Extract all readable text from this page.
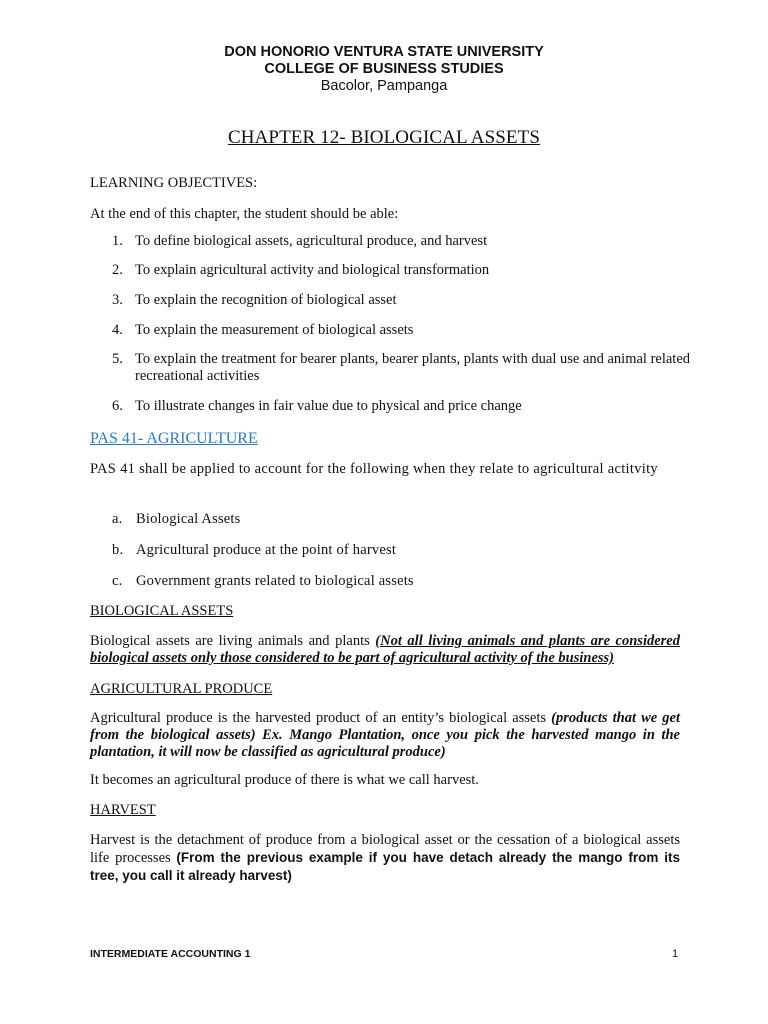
DON HONORIO VENTURA STATE UNIVERSITY
COLLEGE OF BUSINESS STUDIES
Bacolor, Pampanga
CHAPTER 12- BIOLOGICAL ASSETS
LEARNING OBJECTIVES:
At the end of this chapter, the student should be able:
1. To define biological assets, agricultural produce, and harvest
2. To explain agricultural activity and biological transformation
3. To explain the recognition of biological asset
4. To explain the measurement of biological assets
5. To explain the treatment for bearer plants, bearer plants, plants with dual use and animal related recreational activities
6. To illustrate changes in fair value due to physical and price change
PAS 41- AGRICULTURE
PAS 41 shall be applied to account for the following when they relate to agricultural actitvity
a. Biological Assets
b. Agricultural produce at the point of harvest
c. Government grants related to biological assets
BIOLOGICAL ASSETS
Biological assets are living animals and plants (Not all living animals and plants are considered biological assets only those considered to be part of agricultural activity of the business)
AGRICULTURAL PRODUCE
Agricultural produce is the harvested product of an entity’s biological assets (products that we get from the biological assets) Ex. Mango Plantation, once you pick the harvested mango in the plantation, it will now be classified as agricultural produce)
It becomes an agricultural produce of there is what we call harvest.
HARVEST
Harvest is the detachment of produce from a biological asset or the cessation of a biological assets life processes (From the previous example if you have detach already the mango from its tree, you call it already harvest)
INTERMEDIATE ACCOUNTING 1	1
